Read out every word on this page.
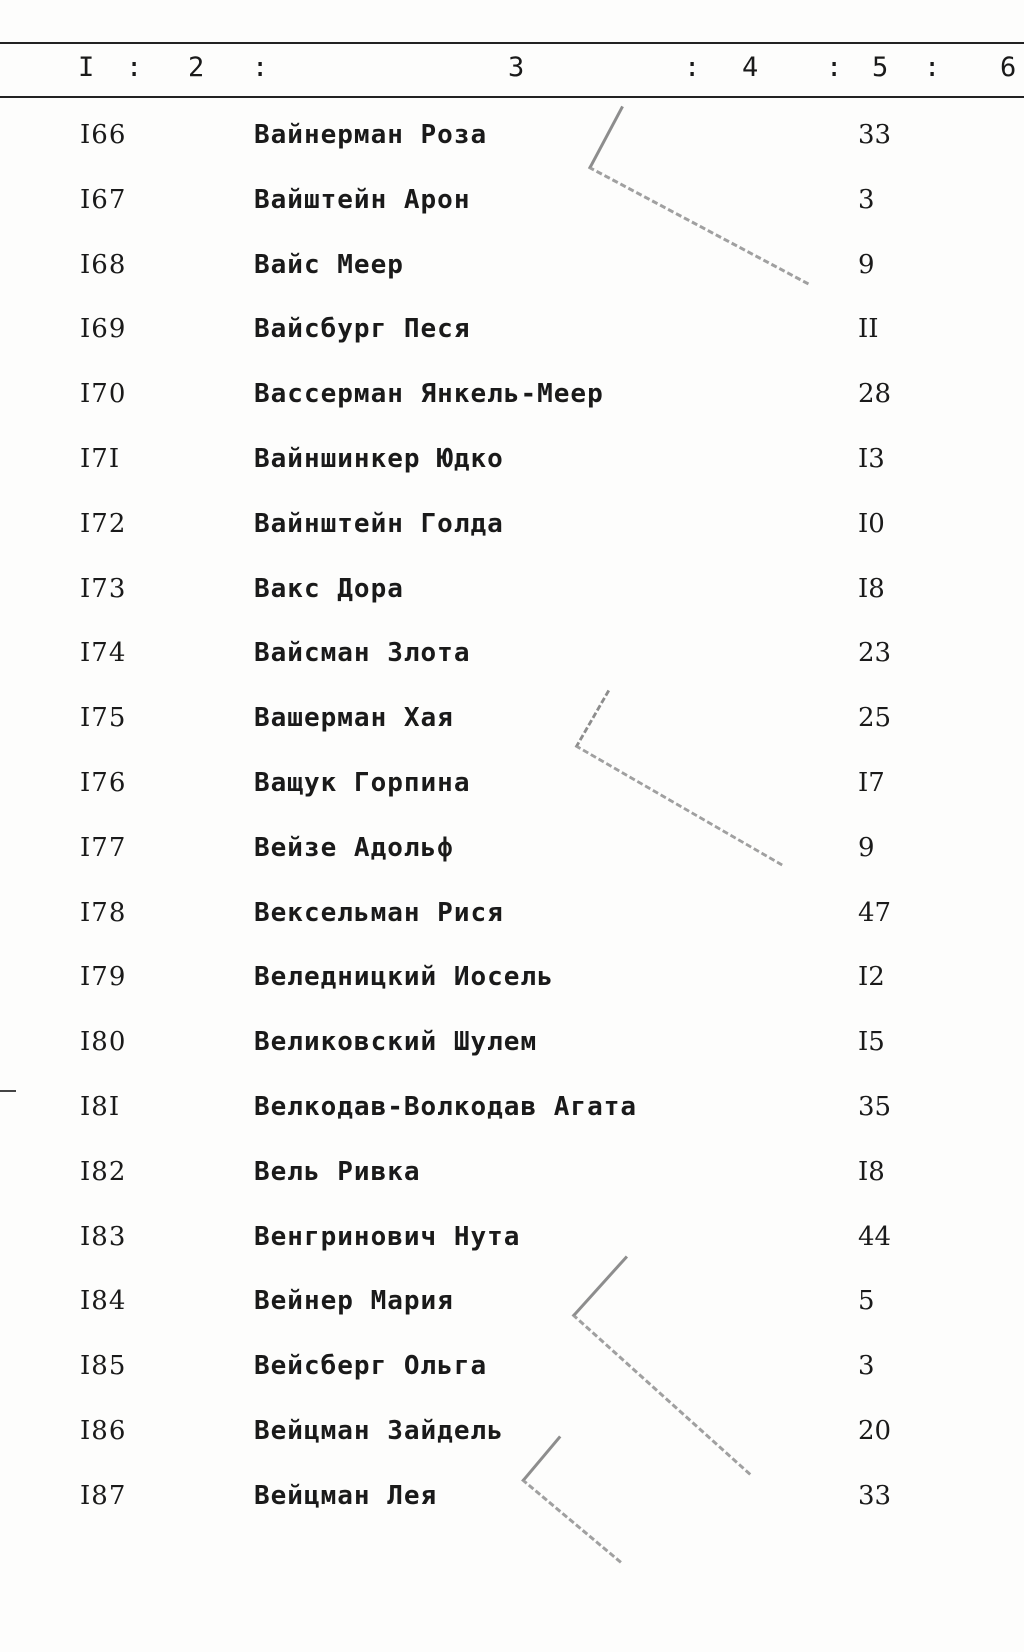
I : 2 :	3	: 4	: 5 : 6
I66	Вайнерман Роза	33
I67	Вайштейн Арон	3
I68	Вайс Меер	9
I69	Вайсбург Песя	II
I70	Вассерман Янкель-Меер	28
I7I	Вайншинкер Юдко	I3
I72	Вайнштейн Голда	I0
I73	Вакс Дора	I8
I74	Вайсман Злота	23
I75	Вашерман Хая	25
I76	Ващук Горпина	I7
I77	Вейзе Адольф	9
I78	Вексельман Рися	47
I79	Веледницкий Иосель	I2
I80	Великовский Шулем	I5
I8I	Велкодав-Волкодав Агата	35
I82	Вель Ривка	I8
I83	Венгринович Нута	44
I84	Вейнер Мария	5
I85	Вейсберг Ольга	3
I86	Вейцман Зайдель	20
I87	Вейцман Лея	33
